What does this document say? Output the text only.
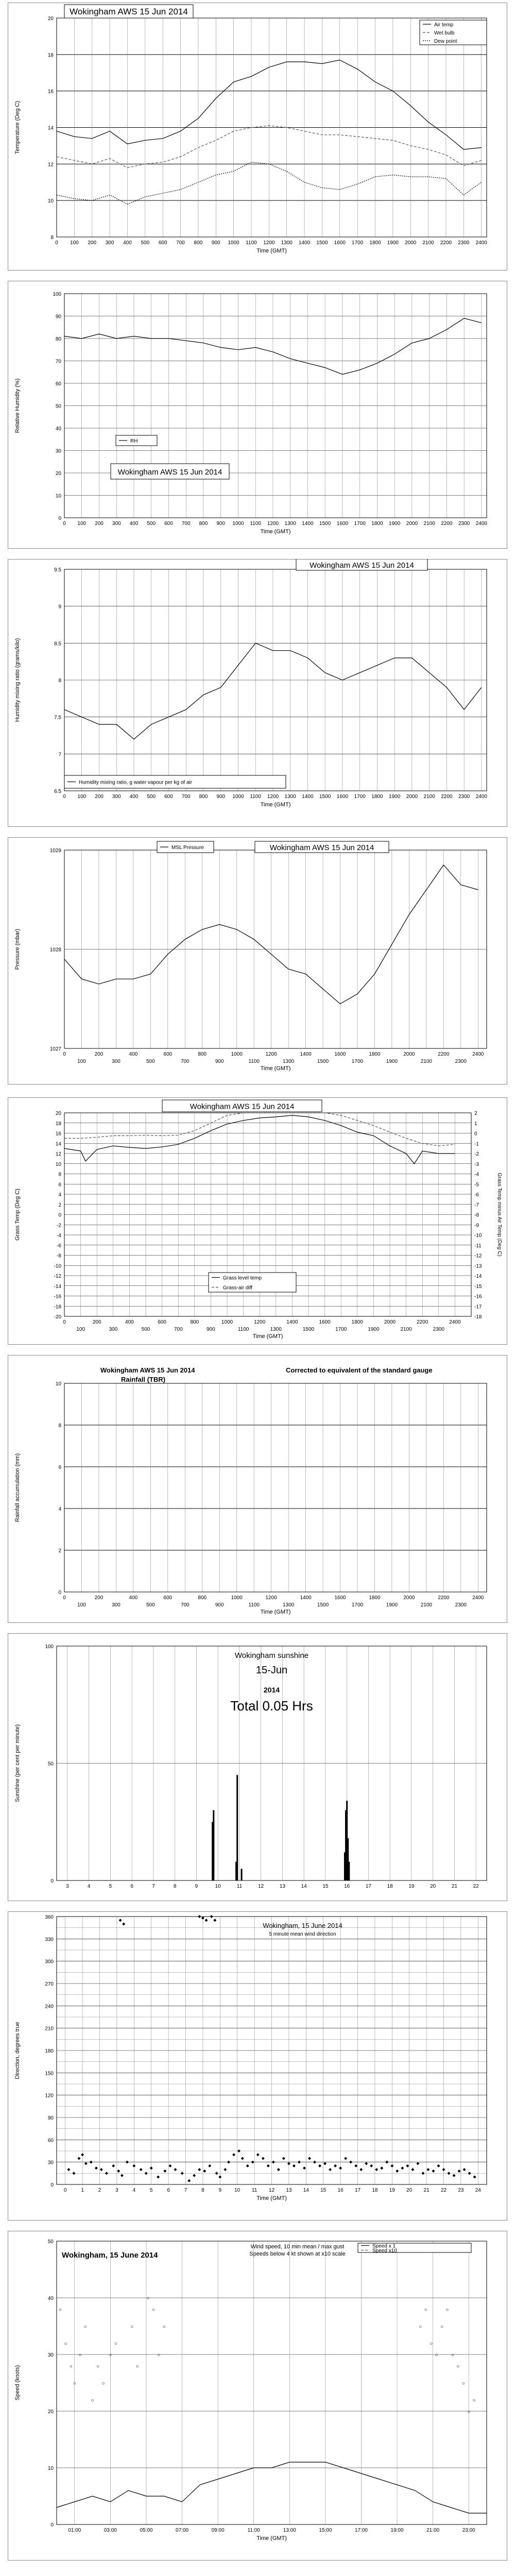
8
10
12
14
16
18
20
0 100 200 300 400 500 600 700 800 900 1000 1100 1200 1300 1400 1500 1600 1700 1800 1900 2000 2100 2200 2300 2400
Time (GMT)
Temperature (Deg C)
Wokingham AWS 15 Jun 2014
Air temp
Wet bulb
Dew point
0
10
20
30
40
50
60
70
80
90
100
0 100 200 300 400 500 600 700 800 900 1000 1100 1200 1300 1400 1500 1600 1700 1800 1900 2000 2100 2200 2300 2400
Time (GMT)
Relative Humidity (%)
Wokingham AWS 15 Jun 2014
RH
6.5
7
7.5
8
8.5
9
9.5
0 100 200 300 400 500 600 700 800 900 1000 1100 1200 1300 1400 1500 1600 1700 1800 1900 2000 2100 2200 2300 2400
Time (GMT)
Humidity mixing ratio (grams/kilo)
Wokingham AWS 15 Jun 2014
Humidity mixing ratio, g water vapour per kg of air
1027
1028
1029
0
100
200
300
400
500
600
700
800
900
1000
1100
1200
1300
1400
1500
1600
1700
1800
1900
2000
2100
2200
2300
2400
Time (GMT)
Pressure (mbar)
Wokingham AWS 15 Jun 2014
MSL Pressure
20
18
16
14
12
10
8
6
4
2
0
-2
-4
-6
-8
-10
-12
-14
-16
-18
-20
2
1
0
-1
-2
-3
-4
-5
-6
-7
-8
-9
-10
-11
-12
-13
-14
-15
-16
-17
-18
Grass Temp minus Air Temp (Deg C)
0
100
200
300
400
500
600
700
800
900
1000
1100
1200
1300
1400
1500
1600
1700
1800
1900
2000
2100
2200
2300
2400
Time (GMT)
Grass Temp (Deg C)
Wokingham AWS 15 Jun 2014
Grass level temp
Grass-air diff
0
2
4
6
8
10
0
100
200
300
400
500
600
700
800
900
1000
1100
1200
1300
1400
1500
1600
1700
1800
1900
2000
2100
2200
2300
2400
Time (GMT)
Rainfall accumulation (mm)
Wokingham AWS 15 Jun 2014
Rainfall (TBR)
Corrected to equivalent of the standard gauge
0
50
100
3	4	5	6	7	8	9	10	11	12	13	14	15	16	17	18	19	20	21	22
Sunshine (per cent per minute)
Wokingham sunshine
15-Jun
2014
Total 0.05 Hrs
0
30
60
90
120
150
180
210
240
270
300
330
360
0	1	2	3	4	5	6	7	8	9	10 11 12 13 14 15 16 17 18 19 20 21 22 23 24
Time (GMT)
Direction, degrees true
Wokingham, 15 June 2014
5 minute mean wind direction
○
○
○
○
○
○
○
○
○
○
○
○
○
○
○
○
○	○
○
○
○
○
○
○
○
○
○
○
0
10
20
30
40
50
01:00	03:00	05:00	07:00	09:00	11:00	13:00	15:00	17:00	19:00	21:00	23:00
Time (GMT)
Speed (knots)
Wokingham, 15 June 2014
Wind speed, 10 min mean / max gust
Speeds below 4 kt shown at x10 scale
Speed x 1
Speed x10
